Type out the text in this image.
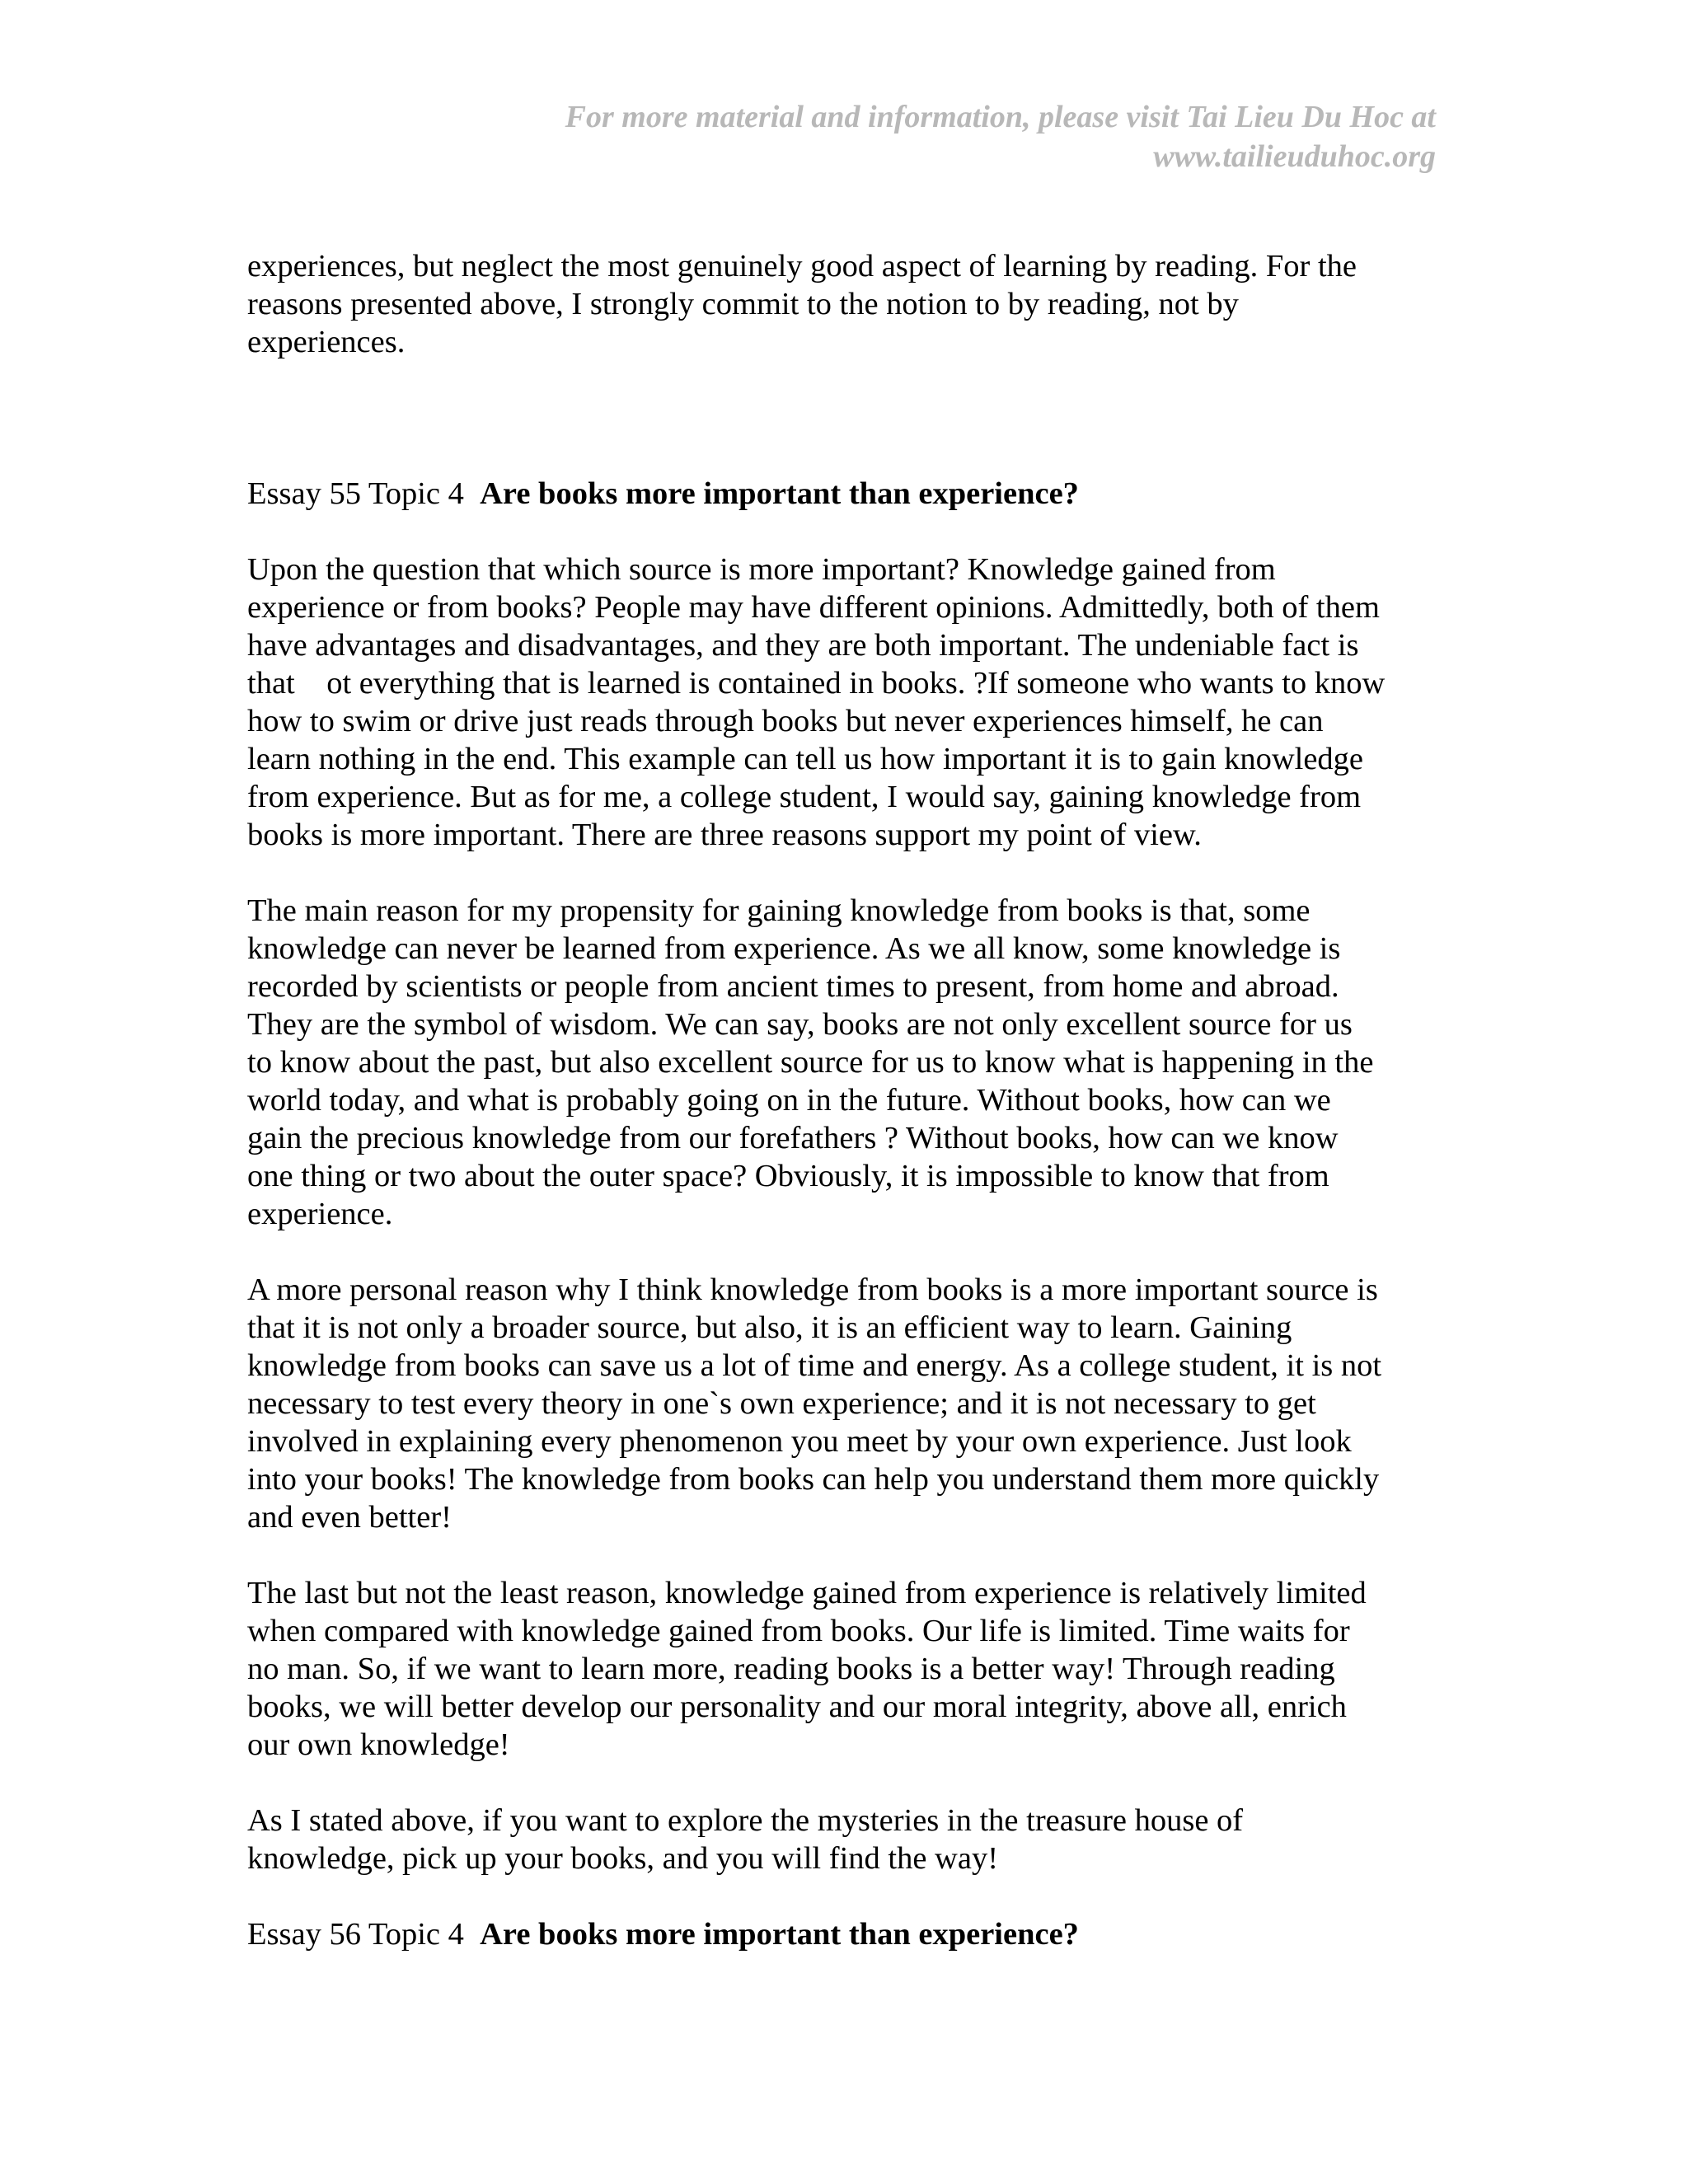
For more material and information, please visit Tai Lieu Du Hoc at
www.tailieuduhoc.org
experiences, but neglect the most genuinely good aspect of learning by reading. For the
reasons presented above, I strongly commit to the notion to by reading, not by
experiences.
Essay 55 Topic 4 Are books more important than experience?
Upon the question that which source is more important? Knowledge gained from
experience or from books? People may have different opinions. Admittedly, both of them
have advantages and disadvantages, and they are both important. The undeniable fact is
that    ot everything that is learned is contained in books. ?If someone who wants to know
how to swim or drive just reads through books but never experiences himself, he can
learn nothing in the end. This example can tell us how important it is to gain knowledge
from experience. But as for me, a college student, I would say, gaining knowledge from
books is more important. There are three reasons support my point of view.
The main reason for my propensity for gaining knowledge from books is that, some
knowledge can never be learned from experience. As we all know, some knowledge is
recorded by scientists or people from ancient times to present, from home and abroad.
They are the symbol of wisdom. We can say, books are not only excellent source for us
to know about the past, but also excellent source for us to know what is happening in the
world today, and what is probably going on in the future. Without books, how can we
gain the precious knowledge from our forefathers ? Without books, how can we know
one thing or two about the outer space? Obviously, it is impossible to know that from
experience.
A more personal reason why I think knowledge from books is a more important source is
that it is not only a broader source, but also, it is an efficient way to learn. Gaining
knowledge from books can save us a lot of time and energy. As a college student, it is not
necessary to test every theory in one`s own experience; and it is not necessary to get
involved in explaining every phenomenon you meet by your own experience. Just look
into your books! The knowledge from books can help you understand them more quickly
and even better!
The last but not the least reason, knowledge gained from experience is relatively limited
when compared with knowledge gained from books. Our life is limited. Time waits for
no man. So, if we want to learn more, reading books is a better way! Through reading
books, we will better develop our personality and our moral integrity, above all, enrich
our own knowledge!
As I stated above, if you want to explore the mysteries in the treasure house of
knowledge, pick up your books, and you will find the way!
Essay 56 Topic 4 Are books more important than experience?
